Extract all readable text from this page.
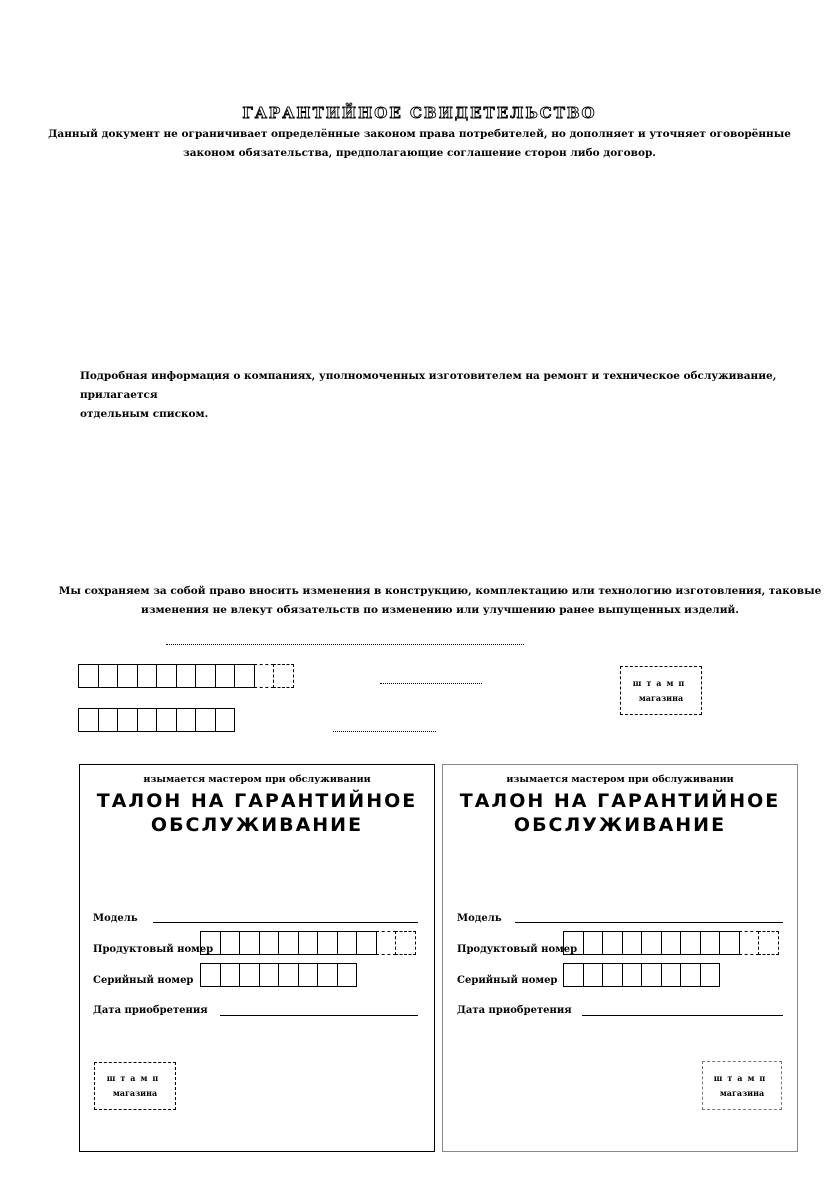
ГАРАНТИЙНОЕ СВИДЕТЕЛЬСТВО
Данный документ не ограничивает определённые законом права потребителей, но дополняет и уточняет оговорённые
законом обязательства, предполагающие соглашение сторон либо договор.
Подробная информация о компаниях, уполномоченных изготовителем на ремонт и техническое обслуживание, прилагается
отдельным списком.
Мы сохраняем за собой право вносить изменения в конструкцию, комплектацию или технологию изготовления, таковые
изменения не влекут обязательств по изменению или улучшению ранее выпущенных изделий.
штамп
магазина
изымается мастером при обслуживании
ТАЛОН НА ГАРАНТИЙНОЕ
ОБСЛУЖИВАНИЕ
Модель
Продуктовый номер
Серийный номер
Дата приобретения
штамп
магазина
изымается мастером при обслуживании
ТАЛОН НА ГАРАНТИЙНОЕ
ОБСЛУЖИВАНИЕ
Модель
Продуктовый номер
Серийный номер
Дата приобретения
штамп
магазина
